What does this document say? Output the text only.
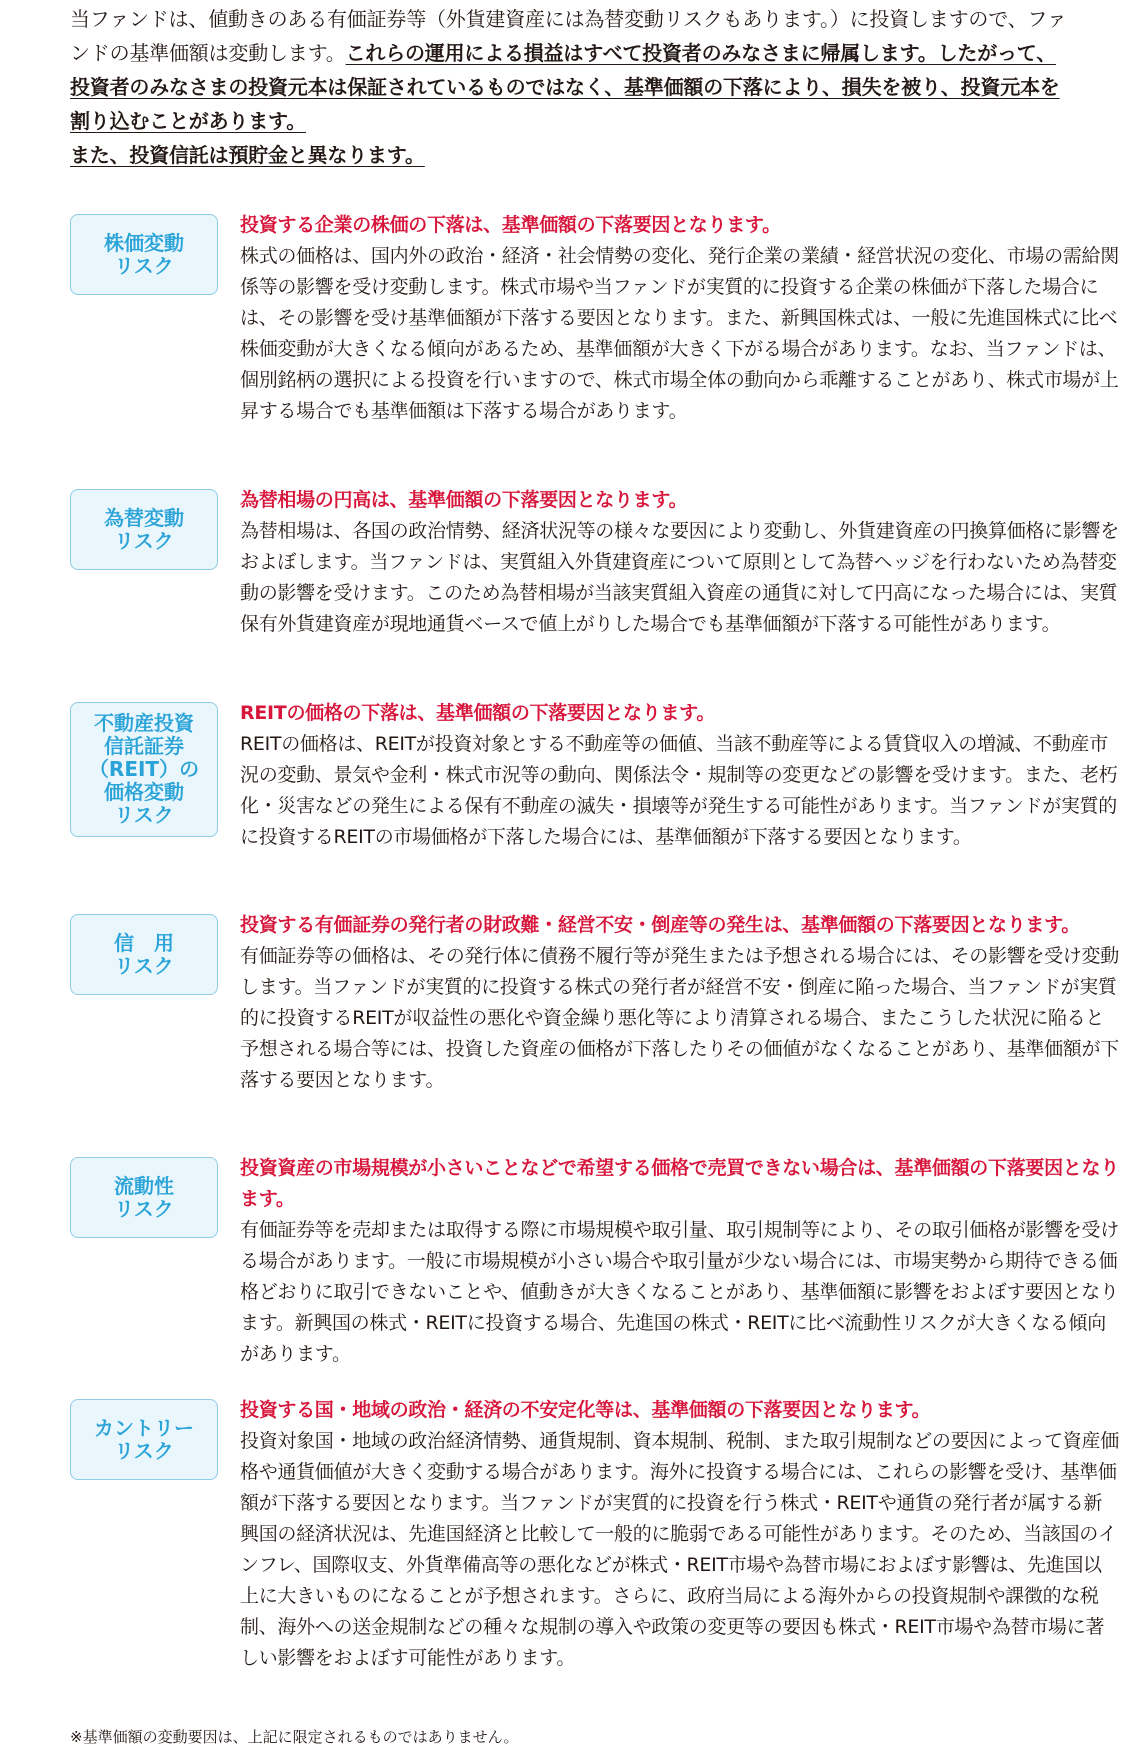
当ファンドは、値動きのある有価証券等（外貨建資産には為替変動リスクもあります。）に投資しますので、ファンドの基準価額は変動します。これらの運用による損益はすべて投資者のみなさまに帰属します。したがって、投資者のみなさまの投資元本は保証されているものではなく、基準価額の下落により、損失を被り、投資元本を割り込むことがあります。
また、投資信託は預貯金と異なります。
株価変動
リスク
投資する企業の株価の下落は、基準価額の下落要因となります。
株式の価格は、国内外の政治・経済・社会情勢の変化、発行企業の業績・経営状況の変化、市場の需給関係等の影響を受け変動します。株式市場や当ファンドが実質的に投資する企業の株価が下落した場合には、その影響を受け基準価額が下落する要因となります。また、新興国株式は、一般に先進国株式に比べ株価変動が大きくなる傾向があるため、基準価額が大きく下がる場合があります。なお、当ファンドは、個別銘柄の選択による投資を行いますので、株式市場全体の動向から乖離することがあり、株式市場が上昇する場合でも基準価額は下落する場合があります。
為替変動
リスク
為替相場の円高は、基準価額の下落要因となります。
為替相場は、各国の政治情勢、経済状況等の様々な要因により変動し、外貨建資産の円換算価格に影響をおよぼします。当ファンドは、実質組入外貨建資産について原則として為替ヘッジを行わないため為替変動の影響を受けます。このため為替相場が当該実質組入資産の通貨に対して円高になった場合には、実質保有外貨建資産が現地通貨ベースで値上がりした場合でも基準価額が下落する可能性があります。
不動産投資
信託証券
（REIT）の
価格変動
リスク
REITの価格の下落は、基準価額の下落要因となります。
REITの価格は、REITが投資対象とする不動産等の価値、当該不動産等による賃貸収入の増減、不動産市況の変動、景気や金利・株式市況等の動向、関係法令・規制等の変更などの影響を受けます。また、老朽化・災害などの発生による保有不動産の滅失・損壊等が発生する可能性があります。当ファンドが実質的に投資するREITの市場価格が下落した場合には、基準価額が下落する要因となります。
信　用
リスク
投資する有価証券の発行者の財政難・経営不安・倒産等の発生は、基準価額の下落要因となります。
有価証券等の価格は、その発行体に債務不履行等が発生または予想される場合には、その影響を受け変動します。当ファンドが実質的に投資する株式の発行者が経営不安・倒産に陥った場合、当ファンドが実質的に投資するREITが収益性の悪化や資金繰り悪化等により清算される場合、またこうした状況に陥ると予想される場合等には、投資した資産の価格が下落したりその価値がなくなることがあり、基準価額が下落する要因となります。
流動性
リスク
投資資産の市場規模が小さいことなどで希望する価格で売買できない場合は、基準価額の下落要因となります。
有価証券等を売却または取得する際に市場規模や取引量、取引規制等により、その取引価格が影響を受ける場合があります。一般に市場規模が小さい場合や取引量が少ない場合には、市場実勢から期待できる価格どおりに取引できないことや、値動きが大きくなることがあり、基準価額に影響をおよぼす要因となります。新興国の株式・REITに投資する場合、先進国の株式・REITに比べ流動性リスクが大きくなる傾向があります。
カントリー
リスク
投資する国・地域の政治・経済の不安定化等は、基準価額の下落要因となります。
投資対象国・地域の政治経済情勢、通貨規制、資本規制、税制、また取引規制などの要因によって資産価格や通貨価値が大きく変動する場合があります。海外に投資する場合には、これらの影響を受け、基準価額が下落する要因となります。当ファンドが実質的に投資を行う株式・REITや通貨の発行者が属する新興国の経済状況は、先進国経済と比較して一般的に脆弱である可能性があります。そのため、当該国のインフレ、国際収支、外貨準備高等の悪化などが株式・REIT市場や為替市場におよぼす影響は、先進国以上に大きいものになることが予想されます。さらに、政府当局による海外からの投資規制や課徴的な税制、海外への送金規制などの種々な規制の導入や政策の変更等の要因も株式・REIT市場や為替市場に著しい影響をおよぼす可能性があります。
※基準価額の変動要因は、上記に限定されるものではありません。
